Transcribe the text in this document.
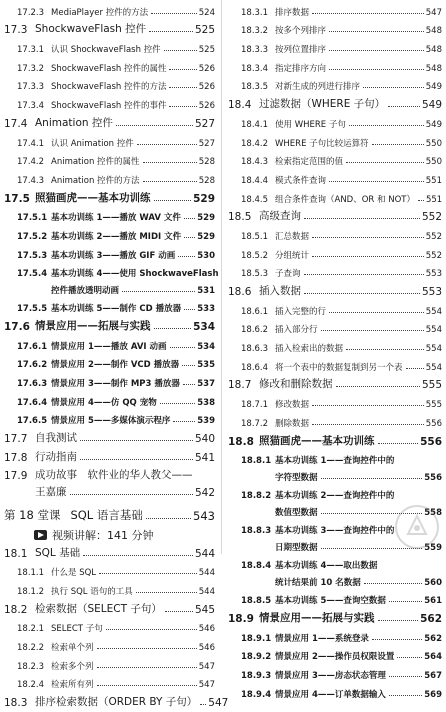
17.2.3 MediaPlayer 控件的方法	524
17.3 ShockwaveFlash 控件	525
17.3.1 认识 ShockwaveFlash 控件	525
17.3.2 ShockwaveFlash 控件的属性	526
17.3.3 ShockwaveFlash 控件的方法	526
17.3.4 ShockwaveFlash 控件的事件	526
17.4 Animation 控件	527
17.4.1 认识 Animation 控件	527
17.4.2 Animation 控件的属性	528
17.4.3 Animation 控件的方法	528
17.5 照猫画虎——基本功训练	529
17.5.1 基本功训练 1——播放 WAV 文件 529
17.5.2 基本功训练 2——播放 MIDI 文件 529
17.5.3 基本功训练 3——播放 GIF 动画	530
17.5.4 基本功训练 4——使用 ShockwaveFlash
控件播放透明动画	531
17.5.5 基本功训练 5——制作 CD 播放器 533
17.6 情景应用——拓展与实践	534
17.6.1 情景应用 1——播放 AVI 动画	534
17.6.2 情景应用 2——制作 VCD 播放器 535
17.6.3 情景应用 3——制作 MP3 播放器 537
17.6.4 情景应用 4——仿 QQ 宠物	538
17.6.5 情景应用 5——多媒体演示程序	539
17.7 自我测试	540
17.8 行动指南	541
17.9 成功故事　软件业的华人教父——
王嘉廉	542
第 18 堂课 SQL 语言基础	543
视频讲解：141 分钟
18.1 SQL 基础	544
18.1.1 什么是 SQL	544
18.1.2 执行 SQL 语句的工具	544
18.2 检索数据（SELECT 子句）	545
18.2.1 SELECT 子句	546
18.2.2 检索单个列	546
18.2.3 检索多个列	547
18.2.4 检索所有列	547
18.3 排序检索数据（ORDER BY 子句） 547
18.3.1 排序数据	547
18.3.2 按多个列排序	548
18.3.3 按列位置排序	548
18.3.4 指定排序方向	548
18.3.5 对新生成的列进行排序	549
18.4 过滤数据（WHERE 子句）	549
18.4.1 使用 WHERE 子句	549
18.4.2 WHERE 子句比较运算符	550
18.4.3 检索指定范围的值	550
18.4.4 模式条件查询	551
18.4.5 组合条件查询（AND、OR 和 NOT） 551
18.5 高级查询	552
18.5.1 汇总数据	552
18.5.2 分组统计	552
18.5.3 子查询	553
18.6 插入数据	553
18.6.1 插入完整的行	554
18.6.2 插入部分行	554
18.6.3 插入检索出的数据	554
18.6.4 将一个表中的数据复制到另一个表	554
18.7 修改和删除数据	555
18.7.1 修改数据	555
18.7.2 删除数据	556
18.8 照猫画虎——基本功训练	556
18.8.1 基本功训练 1——查询控件中的
字符型数据	556
18.8.2 基本功训练 2——查询控件中的
数值型数据	558
18.8.3 基本功训练 3——查询控件中的
日期型数据	559
18.8.4 基本功训练 4——取出数据
统计结果前 10 名数据	560
18.8.5 基本功训练 5——查询空数据	561
18.9 情景应用——拓展与实践	562
18.9.1 情景应用 1——系统登录	562
18.9.2 情景应用 2——操作员权限设置	564
18.9.3 情景应用 3——房态状态管理	567
18.9.4 情景应用 4——订单数据输入	569
